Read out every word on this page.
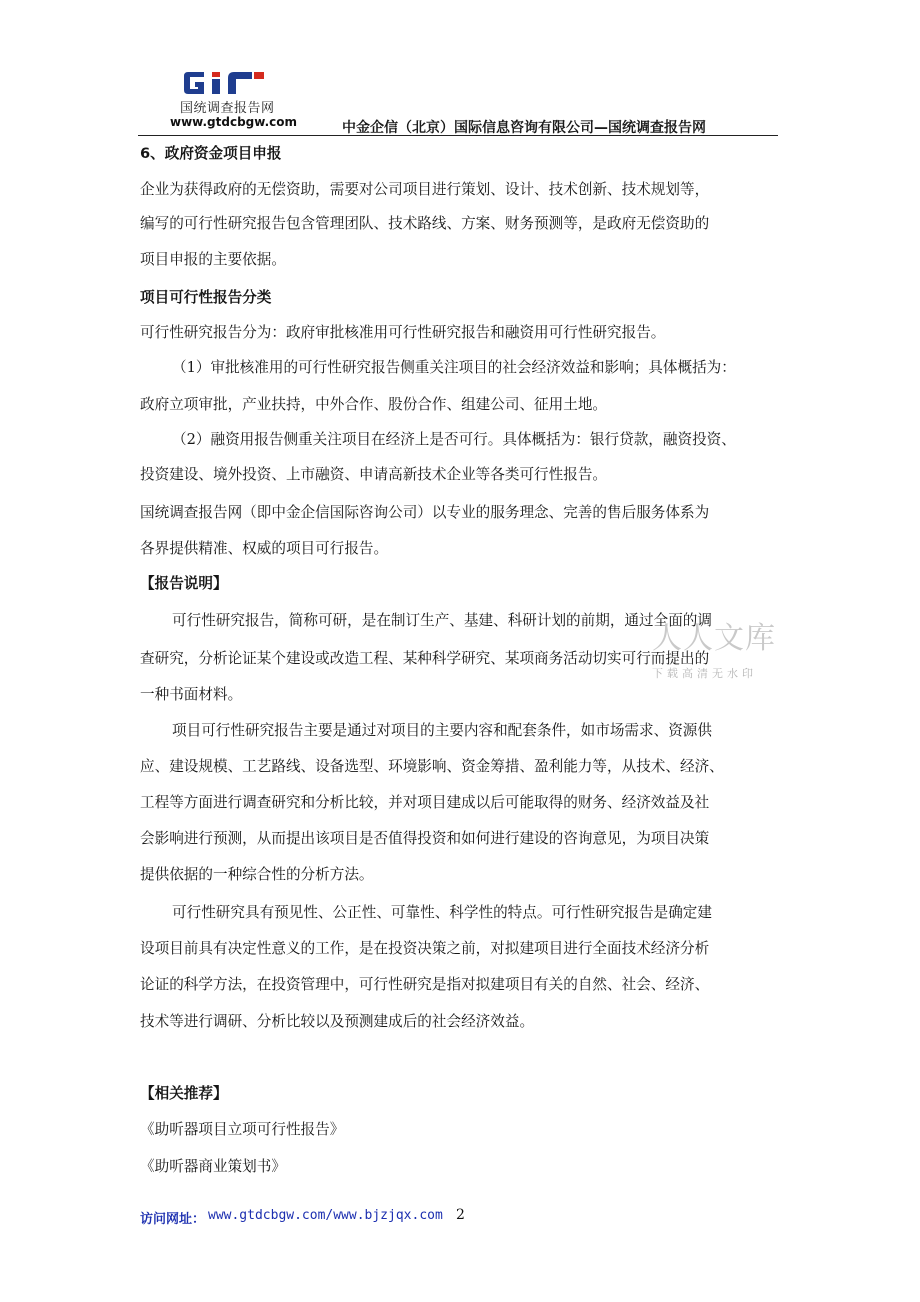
国统调查报告网
www.gtdcbgw.com	中金企信（北京）国际信息咨询有限公司—国统调查报告网
6、政府资金项目申报
企业为获得政府的无偿资助，需要对公司项目进行策划、设计、技术创新、技术规划等，
编写的可行性研究报告包含管理团队、技术路线、方案、财务预测等，是政府无偿资助的
项目申报的主要依据。
项目可行性报告分类
可行性研究报告分为：政府审批核准用可行性研究报告和融资用可行性研究报告。
（1）审批核准用的可行性研究报告侧重关注项目的社会经济效益和影响；具体概括为：
政府立项审批，产业扶持，中外合作、股份合作、组建公司、征用土地。
（2）融资用报告侧重关注项目在经济上是否可行。具体概括为：银行贷款，融资投资、
投资建设、境外投资、上市融资、申请高新技术企业等各类可行性报告。
国统调查报告网（即中金企信国际咨询公司）以专业的服务理念、完善的售后服务体系为
各界提供精准、权威的项目可行报告。
【报告说明】
可行性研究报告，简称可研，是在制订生产、基建、科研计划的前期，通过全面的调
查研究，分析论证某个建设或改造工程、某种科学研究、某项商务活动切实可行而提出的
一种书面材料。
项目可行性研究报告主要是通过对项目的主要内容和配套条件，如市场需求、资源供
应、建设规模、工艺路线、设备选型、环境影响、资金筹措、盈利能力等，从技术、经济、
工程等方面进行调查研究和分析比较，并对项目建成以后可能取得的财务、经济效益及社
会影响进行预测，从而提出该项目是否值得投资和如何进行建设的咨询意见，为项目决策
提供依据的一种综合性的分析方法。
可行性研究具有预见性、公正性、可靠性、科学性的特点。可行性研究报告是确定建
设项目前具有决定性意义的工作，是在投资决策之前，对拟建项目进行全面技术经济分析
论证的科学方法，在投资管理中，可行性研究是指对拟建项目有关的自然、社会、经济、
技术等进行调研、分析比较以及预测建成后的社会经济效益。
【相关推荐】
《助听器项目立项可行性报告》
《助听器商业策划书》
人人文库
下载高清无水印
访问网址： www.gtdcbgw.com/www.bjzjqx.com 2
